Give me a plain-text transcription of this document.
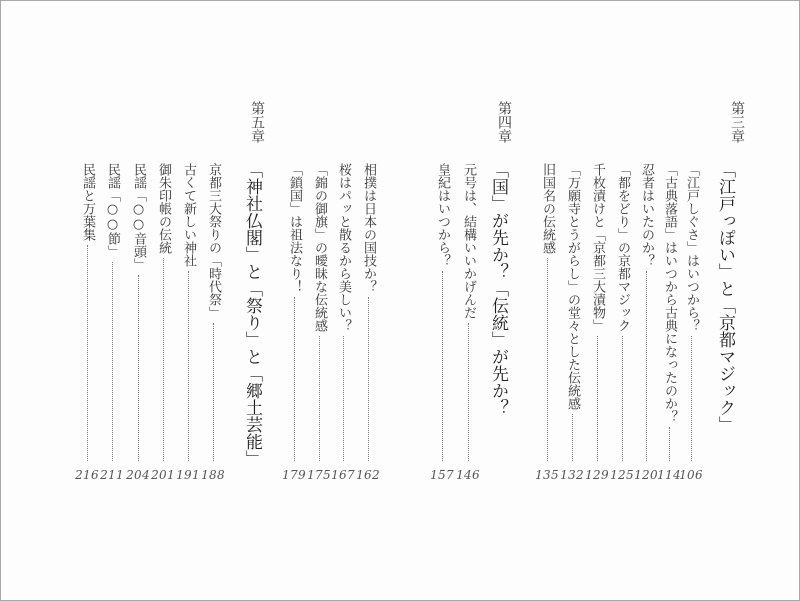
第三章
「江戸っぽい」と「京都マジック」
「江戸しぐさ」はいつから？
106
「古典落語」はいつから古典になったのか？
114
忍者はいたのか？
120
「都をどり」の京都マジック
125
千枚漬けと「京都三大漬物」
129
「万願寺とうがらし」の堂々とした伝統感
132
旧国名の伝統感
135
第四章
「国」が先か？「伝統」が先か？
元号は、結構いいかげんだ
146
皇紀はいつから？
157
相撲は日本の国技か？
162
桜はパッと散るから美しい？
167
「錦の御旗」の曖昧な伝統感
175
「鎖国」は祖法なり！
179
第五章
「神社仏閣」と「祭り」と「郷土芸能」
京都三大祭りの「時代祭」
188
古くて新しい神社
191
御朱印帳の伝統
201
民謡「○○音頭」
204
民謡「○○節」
211
民謡と万葉集
216
